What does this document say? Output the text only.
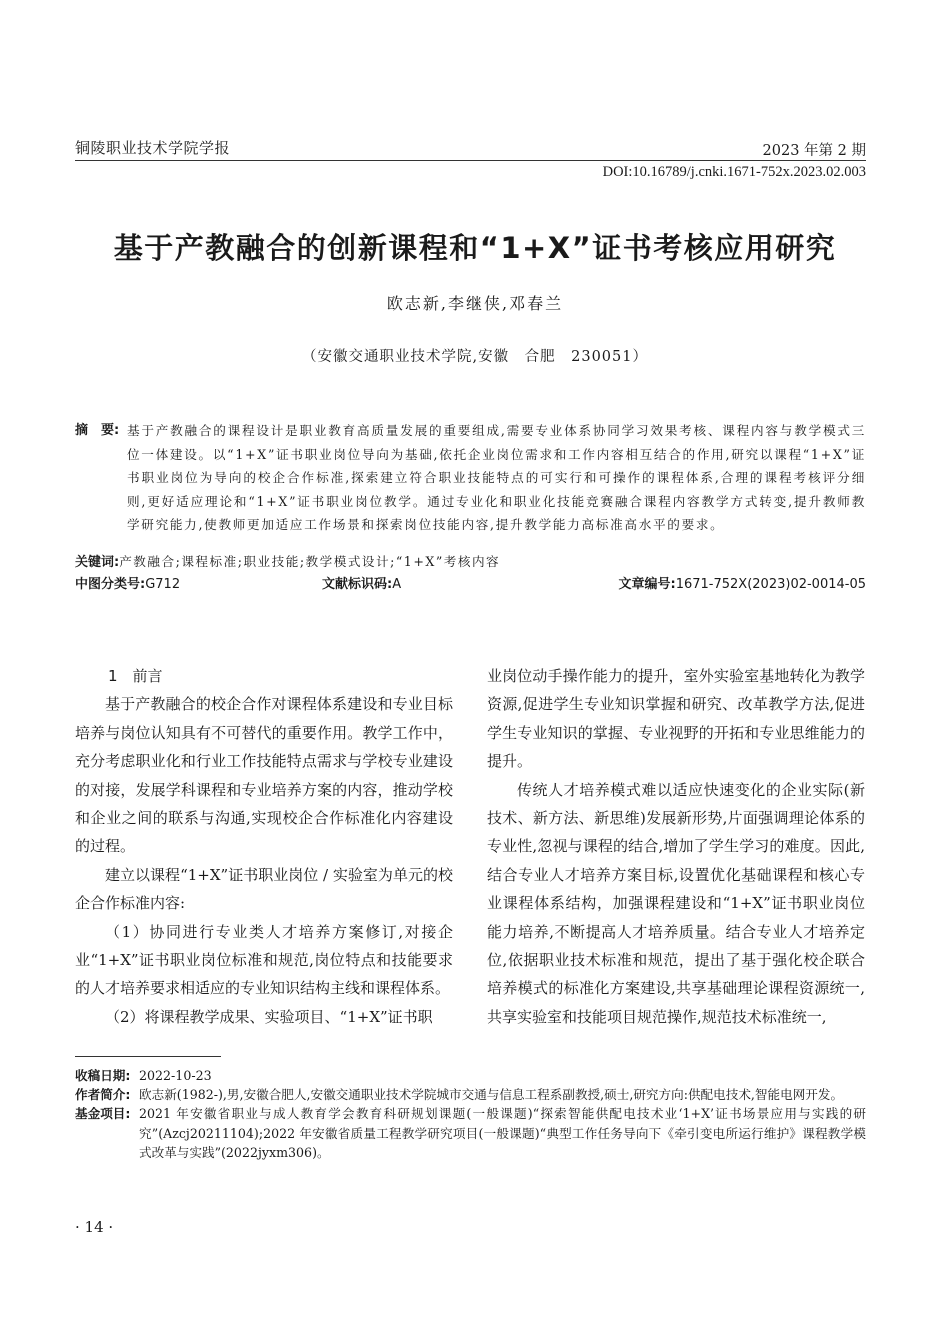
铜陵职业技术学院学报	2023 年第 2 期
DOI:10.16789/j.cnki.1671-752x.2023.02.003
基于产教融合的创新课程和“1+X”证书考核应用研究
欧志新,李继侠,邓春兰
（安徽交通职业技术学院,安徽　合肥　230051）
摘　要: 基于产教融合的课程设计是职业教育高质量发展的重要组成,需要专业体系协同学习效果考核、课程内容与教学模式三位一体建设。以“1+X”证书职业岗位导向为基础,依托企业岗位需求和工作内容相互结合的作用,研究以课程“1+X”证书职业岗位为导向的校企合作标准,探索建立符合职业技能特点的可实行和可操作的课程体系,合理的课程考核评分细则,更好适应理论和“1+X”证书职业岗位教学。通过专业化和职业化技能竞赛融合课程内容教学方式转变,提升教师教学研究能力,使教师更加适应工作场景和探索岗位技能内容,提升教学能力高标准高水平的要求。
关键词:产教融合;课程标准;职业技能;教学模式设计;“1+X”考核内容
中图分类号:G712	文献标识码:A	文章编号:1671-752X(2023)02-0014-05
1　前言

基于产教融合的校企合作对课程体系建设和专业目标培养与岗位认知具有不可替代的重要作用。教学工作中，充分考虑职业化和行业工作技能特点需求与学校专业建设的对接，发展学科课程和专业培养方案的内容，推动学校和企业之间的联系与沟通,实现校企合作标准化内容建设的过程。

建立以课程“1+X”证书职业岗位 / 实验室为单元的校企合作标准内容:

（1）协同进行专业类人才培养方案修订,对接企业“1+X”证书职业岗位标准和规范,岗位特点和技能要求的人才培养要求相适应的专业知识结构主线和课程体系。

（2）将课程教学成果、实验项目、“1+X”证书职

业岗位动手操作能力的提升，室外实验室基地转化为教学资源,促进学生专业知识掌握和研究、改革教学方法,促进学生专业知识的掌握、专业视野的开拓和专业思维能力的提升。

传统人才培养模式难以适应快速变化的企业实际(新技术、新方法、新思维)发展新形势,片面强调理论体系的专业性,忽视与课程的结合,增加了学生学习的难度。因此,结合专业人才培养方案目标,设置优化基础课程和核心专业课程体系结构，加强课程建设和“1+X”证书职业岗位能力培养,不断提高人才培养质量。结合专业人才培养定位,依据职业技术标准和规范，提出了基于强化校企联合培养模式的标准化方案建设,共享基础理论课程资源统一,共享实验室和技能项目规范操作,规范技术标准统一,

收稿日期: 2022-10-23
作者简介: 欧志新(1982-),男,安徽合肥人,安徽交通职业技术学院城市交通与信息工程系副教授,硕士,研究方向:供配电技术,智能电网开发。
基金项目: 2021 年安徽省职业与成人教育学会教育科研规划课题(一般课题)“探索智能供配电技术业‘1+X’证书场景应用与实践的研究”(Azcj20211104);2022 年安徽省质量工程教学研究项目(一般课题)“典型工作任务导向下《牵引变电所运行维护》课程教学模式改革与实践”(2022jyxm306)。
· 14 ·
